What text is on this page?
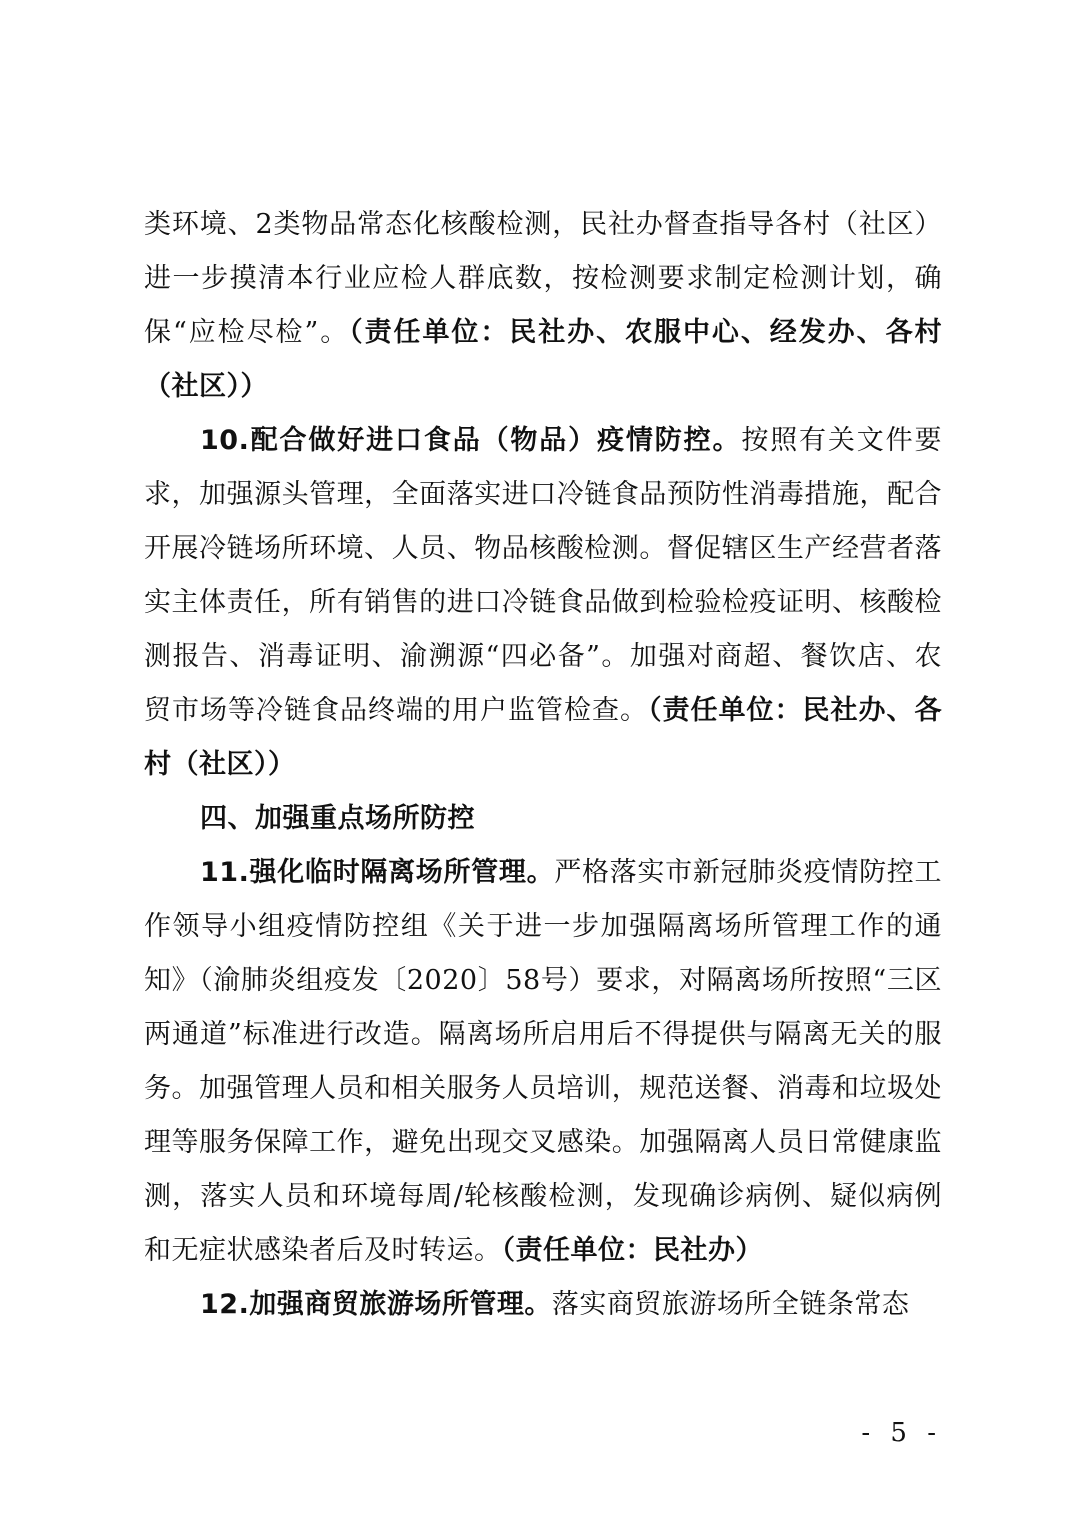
类环境、2类物品常态化核酸检测，民社办督查指导各村（社区）进一步摸清本行业应检人群底数，按检测要求制定检测计划，确保“应检尽检”。（责任单位：民社办、农服中心、经发办、各村（社区））

10.配合做好进口食品（物品）疫情防控。按照有关文件要求，加强源头管理，全面落实进口冷链食品预防性消毒措施，配合开展冷链场所环境、人员、物品核酸检测。督促辖区生产经营者落实主体责任，所有销售的进口冷链食品做到检验检疫证明、核酸检测报告、消毒证明、渝溯源“四必备”。加强对商超、餐饮店、农贸市场等冷链食品终端的用户监管检查。（责任单位：民社办、各村（社区））

四、加强重点场所防控

11.强化临时隔离场所管理。严格落实市新冠肺炎疫情防控工作领导小组疫情防控组《关于进一步加强隔离场所管理工作的通知》（渝肺炎组疫发〔2020〕58号）要求，对隔离场所按照“三区两通道”标准进行改造。隔离场所启用后不得提供与隔离无关的服务。加强管理人员和相关服务人员培训，规范送餐、消毒和垃圾处理等服务保障工作，避免出现交叉感染。加强隔离人员日常健康监测，落实人员和环境每周/轮核酸检测，发现确诊病例、疑似病例和无症状感染者后及时转运。（责任单位：民社办）

12.加强商贸旅游场所管理。落实商贸旅游场所全链条常态

- 5 -
